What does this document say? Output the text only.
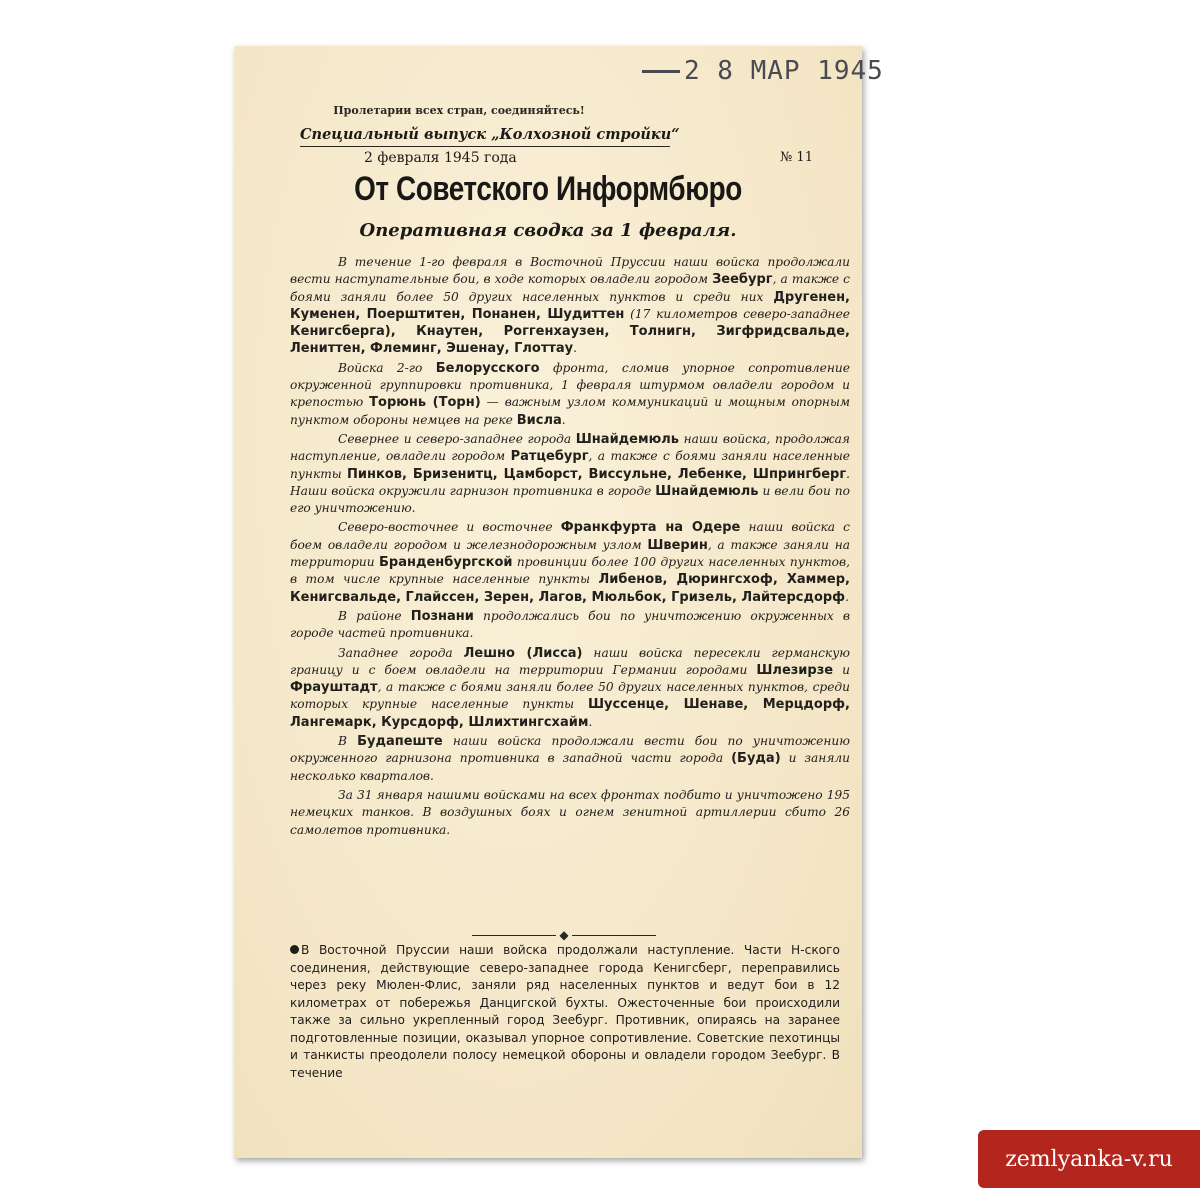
2 8 МАР 1945
Пролетарии всех стран, соединяйтесь!
Специальный выпуск „Колхозной стройки“
2 февраля 1945 года	№ 11
От Советского Информбюро
Оперативная сводка за 1 февраля.

В течение 1-го февраля в Восточной Пруссии наши войска продолжали вести наступательные бои, в ходе которых овладели городом Зеебург, а также с боями заняли более 50 других населенных пунктов и среди них Другенен, Куменен, Поерштитен, Понанен, Шудиттен (17 километров северо-западнее Кенигсберга), Кнаутен, Роггенхаузен, Толнигн, Зигфридсвальде, Лениттен, Флеминг, Эшенау, Глоттау.

Войска 2-го Белорусского фронта, сломив упорное сопротивление окруженной группировки противника, 1 февраля штурмом овладели городом и крепостью Торюнь (Торн) — важным узлом коммуникаций и мощным опорным пунктом обороны немцев на реке Висла.

Севернее и северо-западнее города Шнайдемюль наши войска, продолжая наступление, овладели городом Ратцебург, а также с боями заняли населенные пункты Пинков, Бризенитц, Цамборст, Виссульне, Лебенке, Шпрингберг. Наши войска окружили гарнизон противника в городе Шнайдемюль и вели бои по его уничтожению.

Северо-восточнее и восточнее Франкфурта на Одере наши войска с боем овладели городом и железнодорожным узлом Шверин, а также заняли на территории Бранденбургской провинции более 100 других населенных пунктов, в том числе крупные населенные пункты Либенов, Дюрингсхоф, Хаммер, Кенигсвальде, Глайссен, Зерен, Лагов, Мюльбок, Гризель, Лайтерсдорф.

В районе Познани продолжались бои по уничтожению окруженных в городе частей противника.

Западнее города Лешно (Лисса) наши войска пересекли германскую границу и с боем овладели на территории Германии городами Шлезирзе и Фрауштадт, а также с боями заняли более 50 других населенных пунктов, среди которых крупные населенные пункты Шуссенце, Шенаве, Мерцдорф, Лангемарк, Курсдорф, Шлихтингсхайм.

В Будапеште наши войска продолжали вести бои по уничтожению окруженного гарнизона противника в западной части города (Буда) и заняли несколько кварталов.

За 31 января нашими войсками на всех фронтах подбито и уничтожено 195 немецких танков. В воздушных боях и огнем зенитной артиллерии сбито 26 самолетов противника.

◆
В Восточной Пруссии наши войска продолжали наступление. Части Н-ского соединения, действующие северо-западнее города Кенигсберг, переправились через реку Мюлен-Флис, заняли ряд населенных пунктов и ведут бои в 12 километрах от побережья Данцигской бухты. Ожесточенные бои происходили также за сильно укрепленный город Зеебург. Противник, опираясь на заранее подготовленные позиции, оказывал упорное сопротивление. Советские пехотинцы и танкисты преодолели полосу немецкой обороны и овладели городом Зеебург. В течение
zemlyanka-v.ru
